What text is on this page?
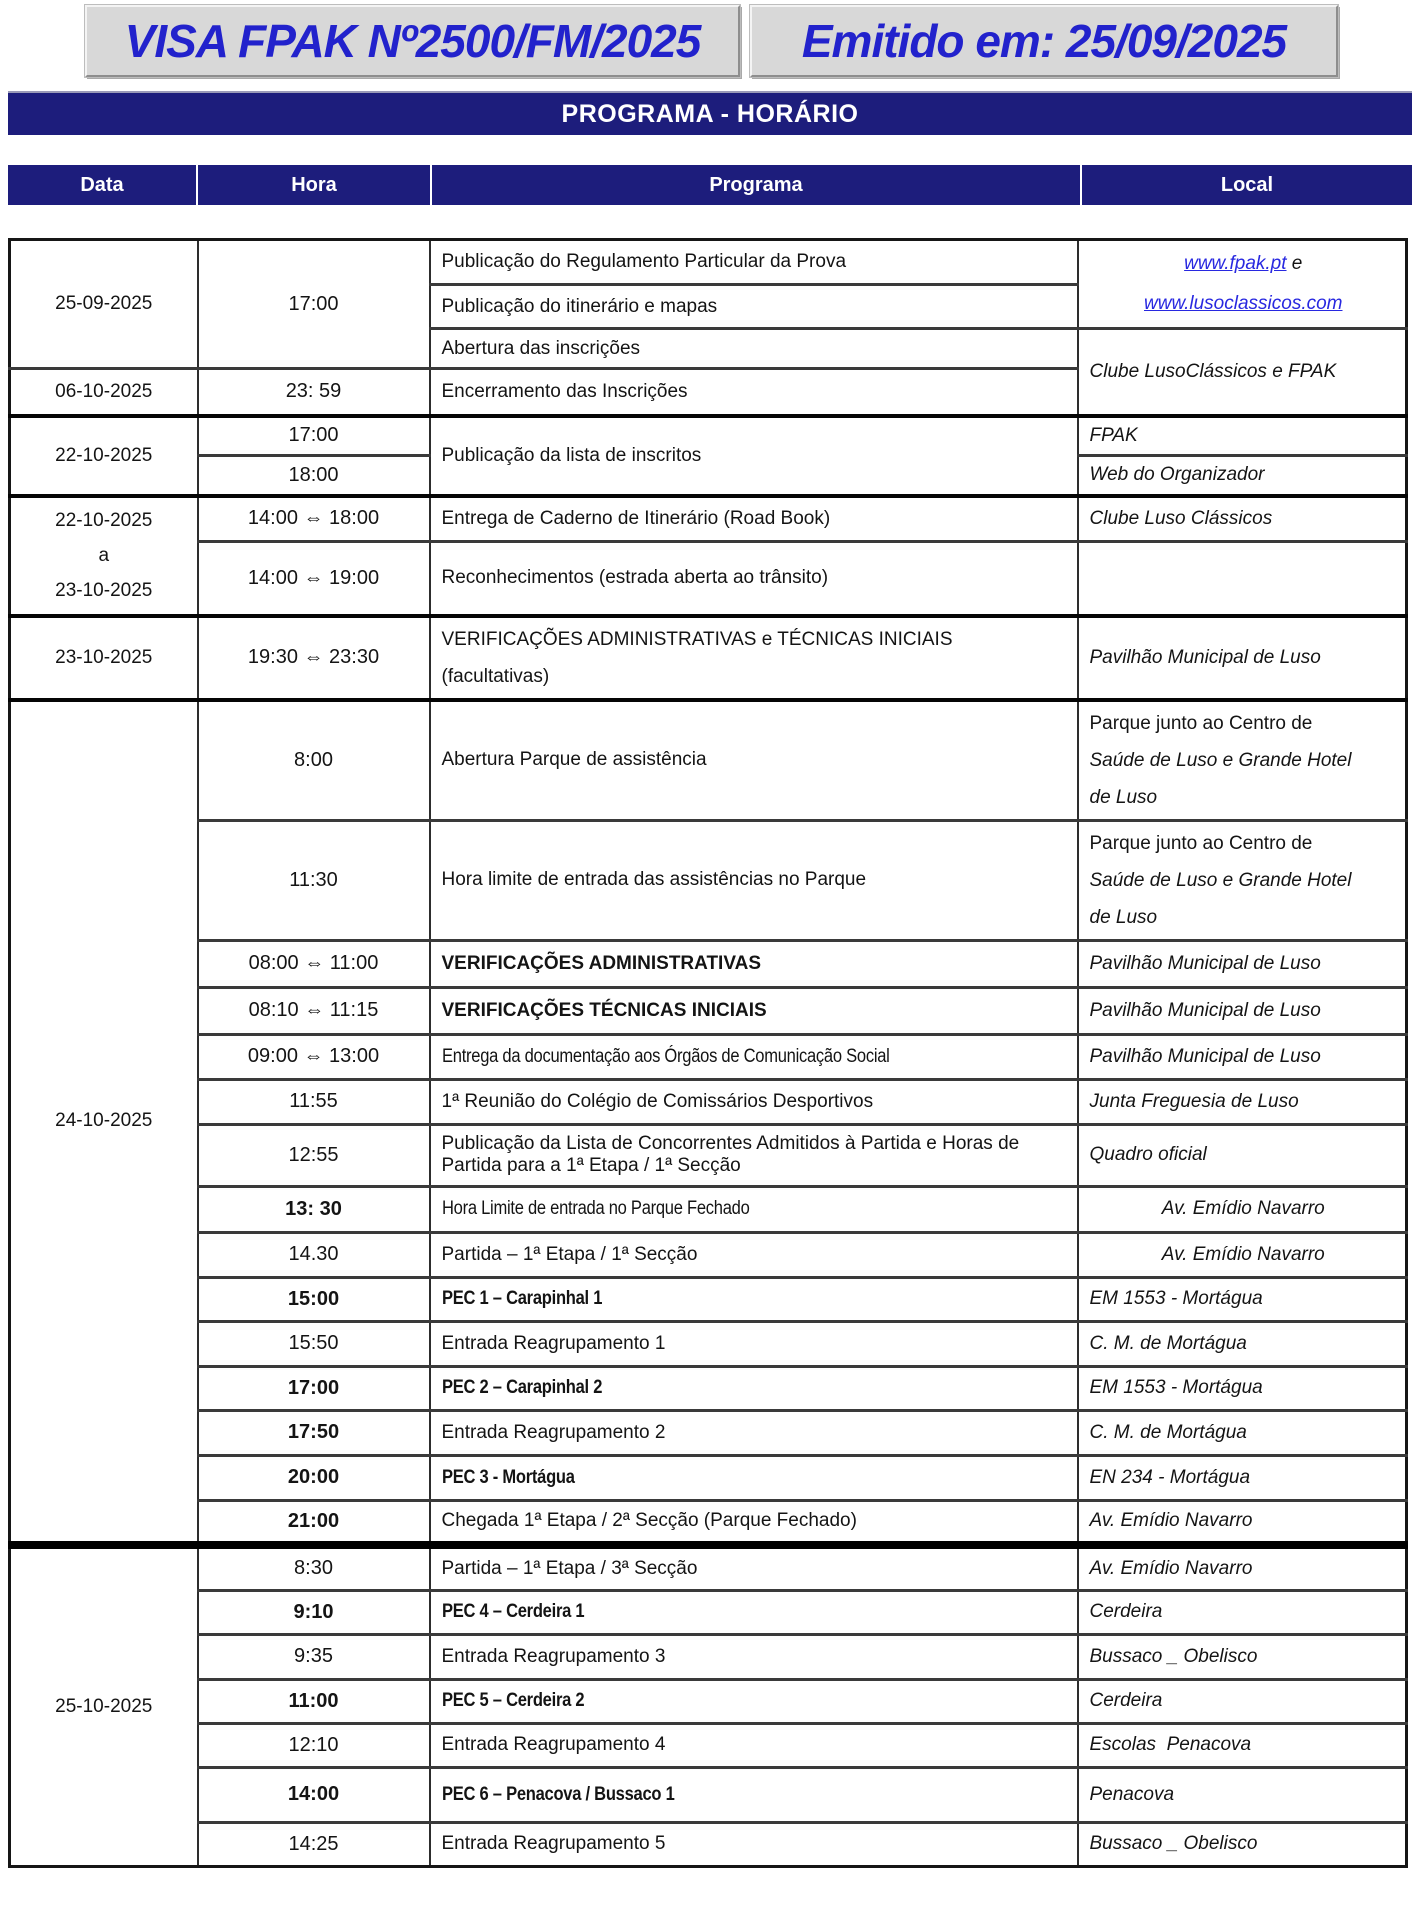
VISA FPAK Nº2500/FM/2025 Emitido em: 25/09/2025
PROGRAMA - HORÁRIO
Data	Hora	Programa	Local
25-09-2025	17:00	Publicação do Regulamento Particular da Prova	www.fpak.pt e
www.lusoclassicos.com

		Publicação do itinerário e mapas	
		Abertura das inscrições	Clube LusoClássicos e FPAK
06-10-2025	23: 59	Encerramento das Inscrições	
22-10-2025	17:00	Publicação da lista de inscritos	FPAK
	18:00		Web do Organizador

22-10-2025
a
23-10-2025	14:00 ⇔ 18:00	Entrega de Caderno de Itinerário (Road Book)	Clube Luso Clássicos
	14:00 ⇔ 19:00	Reconhecimentos (estrada aberta ao trânsito)	
23-10-2025	19:30 ⇔ 23:30	VERIFICAÇÕES ADMINISTRATIVAS e TÉCNICAS INICIAIS
(facultativas)	Pavilhão Municipal de Luso
24-10-2025	8:00	Abertura Parque de assistência	Parque junto ao Centro de
Saúde de Luso e Grande Hotel
de Luso

	11:30	Hora limite de entrada das assistências no Parque	Parque junto ao Centro de
Saúde de Luso e Grande Hotel
de Luso

	08:00 ⇔ 11:00	VERIFICAÇÕES ADMINISTRATIVAS	Pavilhão Municipal de Luso
	08:10 ⇔ 11:15	VERIFICAÇÕES TÉCNICAS INICIAIS	Pavilhão Municipal de Luso
	09:00 ⇔ 13:00	Entrega da documentação aos Órgãos de Comunicação Social	Pavilhão Municipal de Luso
	11:55	1ª Reunião do Colégio de Comissários Desportivos	Junta Freguesia de Luso
	12:55	Publicação da Lista de Concorrentes Admitidos à Partida e Horas de Partida para a 1ª Etapa / 1ª Secção	Quadro oficial
	13: 30	Hora Limite de entrada no Parque Fechado	Av. Emídio Navarro
	14.30	Partida – 1ª Etapa / 1ª Secção	Av. Emídio Navarro
	15:00	PEC 1 – Carapinhal 1	EM 1553 - Mortágua
	15:50	Entrada Reagrupamento 1	C. M. de Mortágua
	17:00	PEC 2 – Carapinhal 2	EM 1553 - Mortágua
	17:50	Entrada Reagrupamento 2	C. M. de Mortágua
	20:00	PEC 3 - Mortágua	EN 234 - Mortágua
	21:00	Chegada 1ª Etapa / 2ª Secção (Parque Fechado)	Av. Emídio Navarro
25-10-2025	8:30	Partida – 1ª Etapa / 3ª Secção	Av. Emídio Navarro
	9:10	PEC 4 – Cerdeira 1	Cerdeira
	9:35	Entrada Reagrupamento 3	Bussaco _ Obelisco
	11:00	PEC 5 – Cerdeira 2	Cerdeira
	12:10	Entrada Reagrupamento 4	Escolas  Penacova
	14:00	PEC 6 – Penacova / Bussaco 1	Penacova
	14:25	Entrada Reagrupamento 5	Bussaco _ Obelisco
